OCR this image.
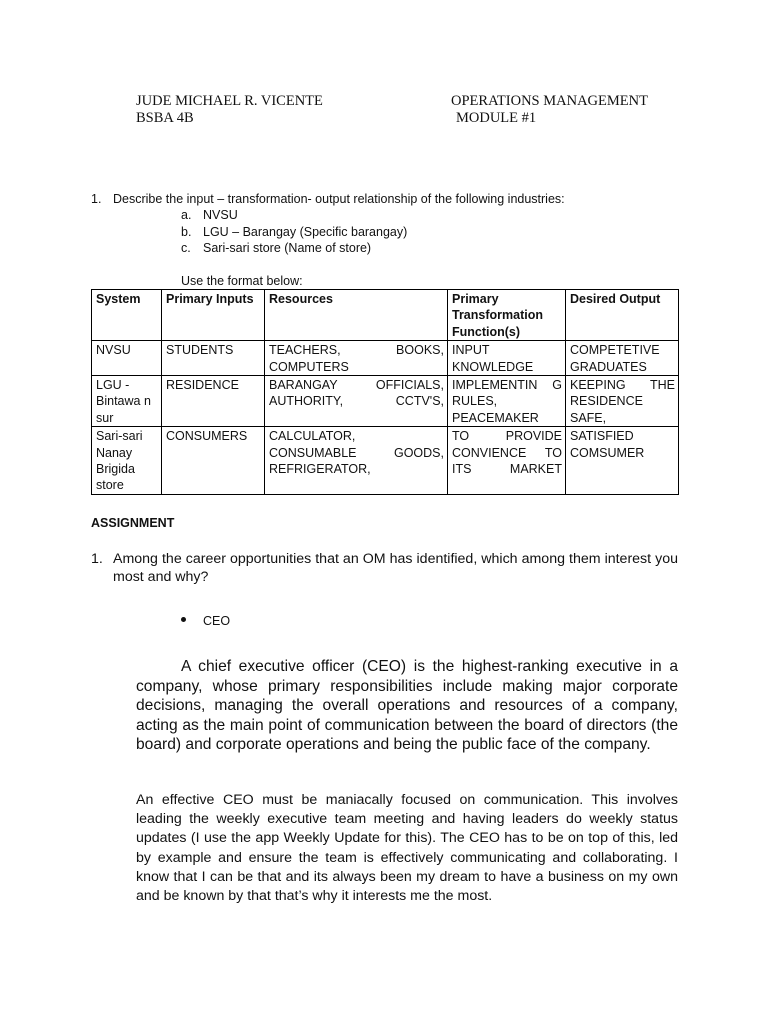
JUDE MICHAEL R. VICENTE
BSBA 4B
OPERATIONS MANAGEMENT
MODULE #1
1. Describe the input – transformation- output relationship of the following industries:
a. NVSU
b. LGU – Barangay (Specific barangay)
c. Sari-sari store (Name of store)
Use the format below:
System	Primary Inputs	Resources	Primary Transformation Function(s)	Desired Output
NVSU	STUDENTS	TEACHERS, BOOKS, COMPUTERS	INPUT KNOWLEDGE	COMPETETIVE GRADUATES
LGU -Bintawa n sur	RESIDENCE	BARANGAY OFFICIALS, AUTHORITY, CCTV'S,	IMPLEMENTIN G RULES, PEACEMAKER	KEEPING THE RESIDENCE SAFE,
Sari-sari Nanay Brigida store	CONSUMERS	CALCULATOR, CONSUMABLE GOODS, REFRIGERATOR,	TO PROVIDE CONVIENCE TO ITS MARKET	SATISFIED COMSUMER
ASSIGNMENT
1. Among the career opportunities that an OM has identified, which among them interest you most and why?
CEO
A chief executive officer (CEO) is the highest-ranking executive in a company, whose primary responsibilities include making major corporate decisions, managing the overall operations and resources of a company, acting as the main point of communication between the board of directors (the board) and corporate operations and being the public face of the company.
An effective CEO must be maniacally focused on communication. This involves leading the weekly executive team meeting and having leaders do weekly status updates (I use the app Weekly Update for this). The CEO has to be on top of this, led by example and ensure the team is effectively communicating and collaborating. I know that I can be that and its always been my dream to have a business on my own and be known by that that’s why it interests me the most.
